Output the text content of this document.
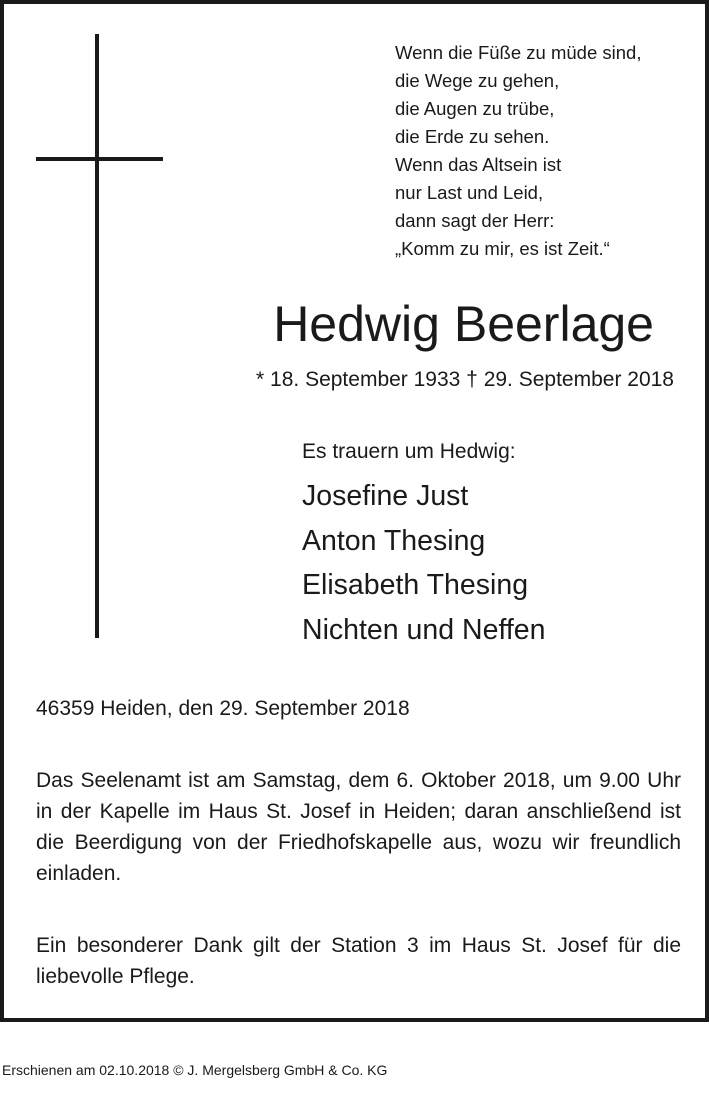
Wenn die Füße zu müde sind,
die Wege zu gehen,
die Augen zu trübe,
die Erde zu sehen.
Wenn das Altsein ist
nur Last und Leid,
dann sagt der Herr:
„Komm zu mir, es ist Zeit.“
Hedwig Beerlage
* 18. September 1933 † 29. September 2018
Es trauern um Hedwig:
Josefine Just
Anton Thesing
Elisabeth Thesing
Nichten und Neffen
46359 Heiden, den 29. September 2018
Das Seelenamt ist am Samstag, dem 6. Oktober 2018, um 9.00 Uhr in der Kapelle im Haus St. Josef in Heiden; daran anschließend ist die Beerdigung von der Friedhofskapelle aus, wozu wir freundlich einladen.
Ein besonderer Dank gilt der Station 3 im Haus St. Josef für die liebevolle Pflege.
Erschienen am 02.10.2018 © J. Mergelsberg GmbH & Co. KG
